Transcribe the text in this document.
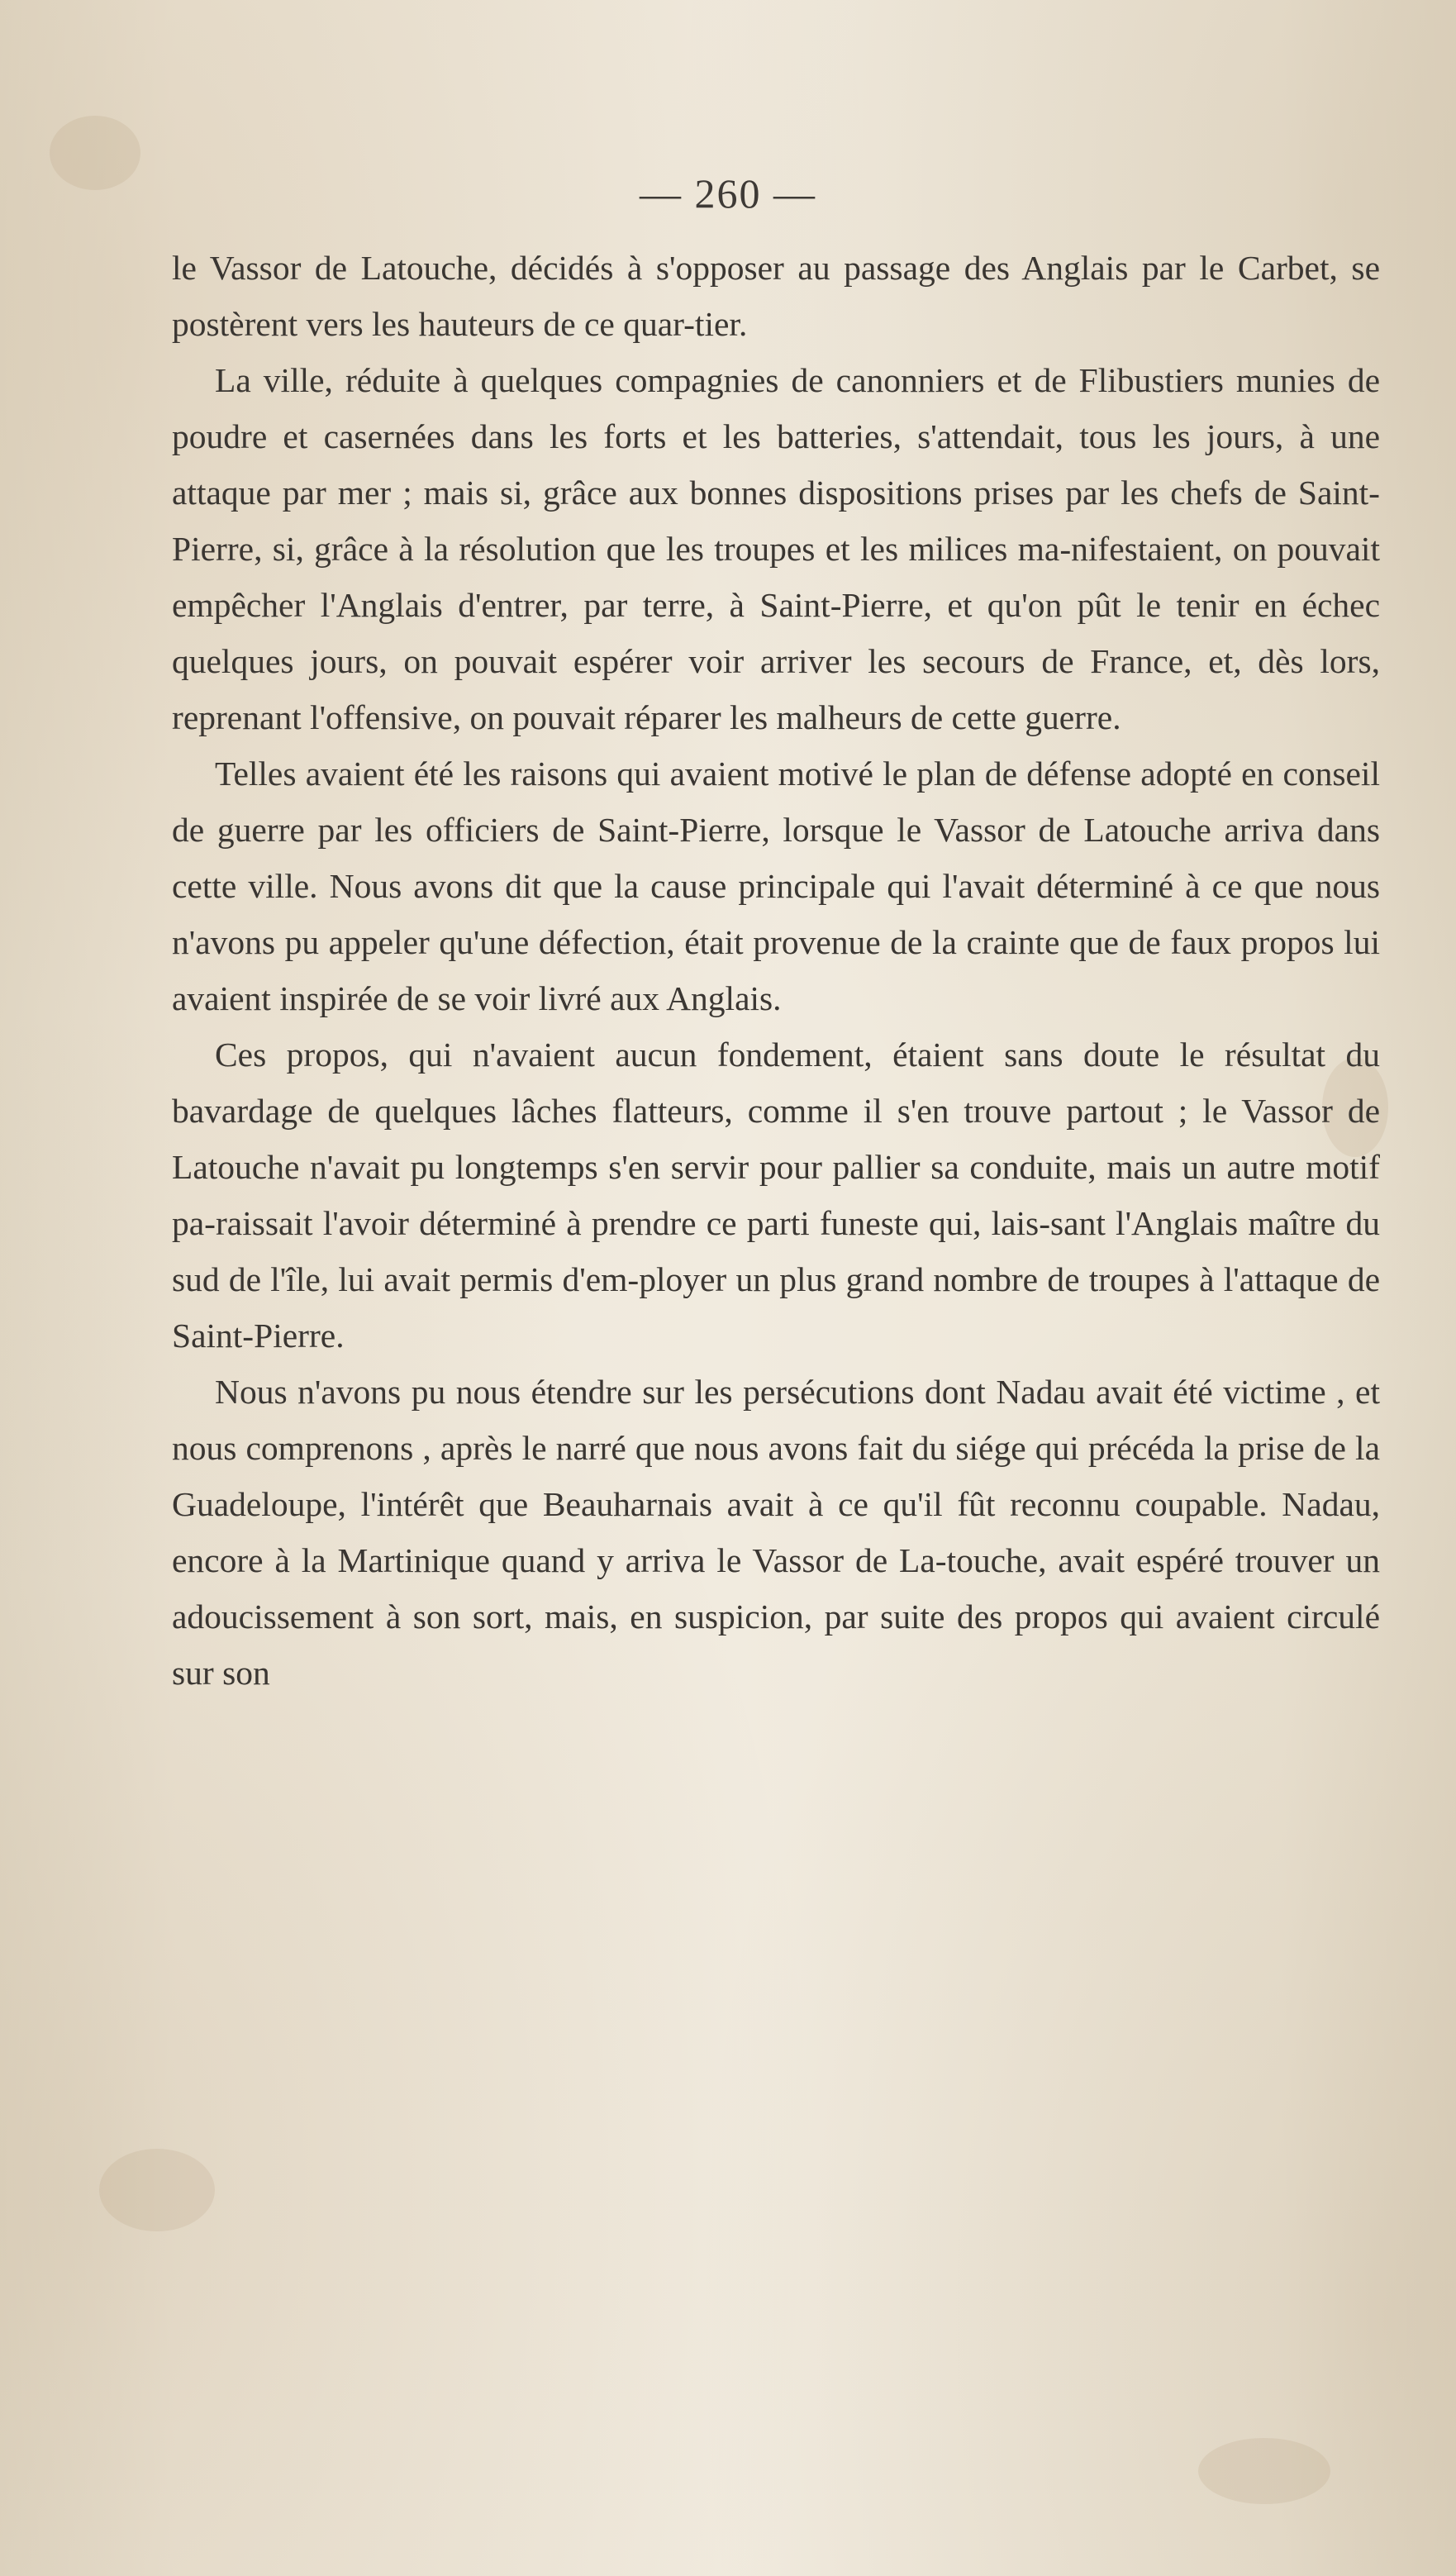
— 260 —

le Vassor de Latouche, décidés à s'opposer au passage des Anglais par le Carbet, se postèrent vers les hauteurs de ce quar-tier.

La ville, réduite à quelques compagnies de canonniers et de Flibustiers munies de poudre et casernées dans les forts et les batteries, s'attendait, tous les jours, à une attaque par mer ; mais si, grâce aux bonnes dispositions prises par les chefs de Saint-Pierre, si, grâce à la résolution que les troupes et les milices ma-nifestaient, on pouvait empêcher l'Anglais d'entrer, par terre, à Saint-Pierre, et qu'on pût le tenir en échec quelques jours, on pouvait espérer voir arriver les secours de France, et, dès lors, reprenant l'offensive, on pouvait réparer les malheurs de cette guerre.

Telles avaient été les raisons qui avaient motivé le plan de défense adopté en conseil de guerre par les officiers de Saint-Pierre, lorsque le Vassor de Latouche arriva dans cette ville. Nous avons dit que la cause principale qui l'avait déterminé à ce que nous n'avons pu appeler qu'une défection, était provenue de la crainte que de faux propos lui avaient inspirée de se voir livré aux Anglais.

Ces propos, qui n'avaient aucun fondement, étaient sans doute le résultat du bavardage de quelques lâches flatteurs, comme il s'en trouve partout ; le Vassor de Latouche n'avait pu longtemps s'en servir pour pallier sa conduite, mais un autre motif pa-raissait l'avoir déterminé à prendre ce parti funeste qui, lais-sant l'Anglais maître du sud de l'île, lui avait permis d'em-ployer un plus grand nombre de troupes à l'attaque de Saint-Pierre.

Nous n'avons pu nous étendre sur les persécutions dont Nadau avait été victime , et nous comprenons , après le narré que nous avons fait du siége qui précéda la prise de la Guadeloupe, l'intérêt que Beauharnais avait à ce qu'il fût reconnu coupable. Nadau, encore à la Martinique quand y arriva le Vassor de La-touche, avait espéré trouver un adoucissement à son sort, mais, en suspicion, par suite des propos qui avaient circulé sur son
